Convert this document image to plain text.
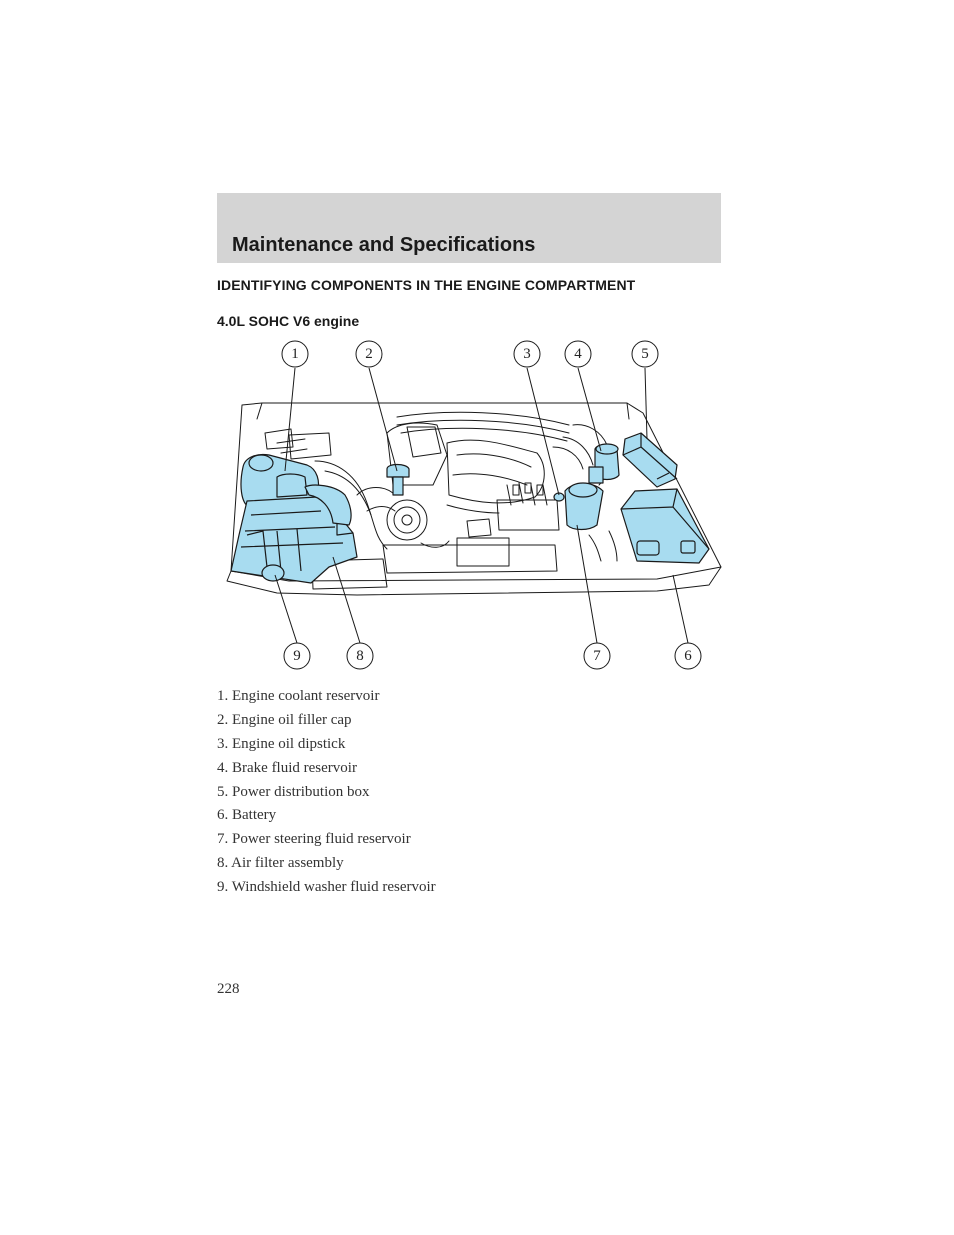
Maintenance and Specifications
IDENTIFYING COMPONENTS IN THE ENGINE COMPARTMENT
4.0L SOHC V6 engine
1	2	3	4	5
6
7
8
9
1. Engine coolant reservoir
2. Engine oil filler cap
3. Engine oil dipstick
4. Brake fluid reservoir
5. Power distribution box
6. Battery
7. Power steering fluid reservoir
8. Air filter assembly
9. Windshield washer fluid reservoir
228
